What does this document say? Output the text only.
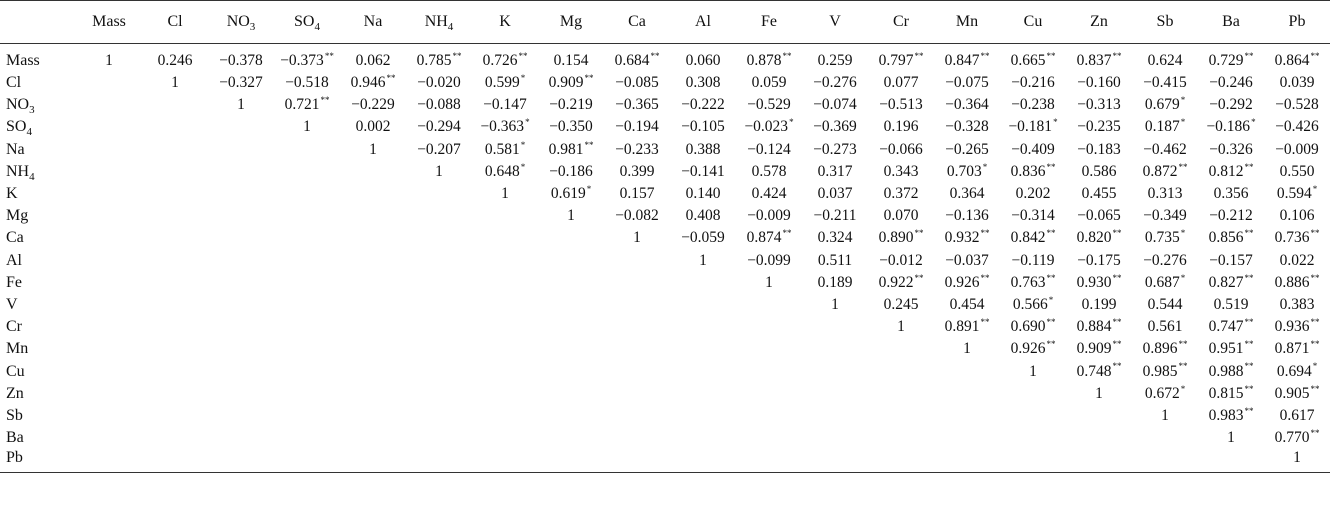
	Mass	Cl	$NO_3$	$SO_4$	Na	$NH_4$	K	Mg	Ca	Al	Fe	V	Cr	Mn	Cu	Zn	Sb	Ba	Pb
Mass	1	0.246	−0.378	−0.373**	0.062	0.785**	0.726**	0.154	0.684**	0.060	0.878**	0.259	0.797**	0.847**	0.665**	0.837**	0.624	0.729**	0.864**
Cl		1	−0.327	−0.518	0.946**	−0.020	0.599*	0.909**	−0.085	0.308	0.059	−0.276	0.077	−0.075	−0.216	−0.160	−0.415	−0.246	0.039
$NO_3$			1	0.721**	−0.229	−0.088	−0.147	−0.219	−0.365	−0.222	−0.529	−0.074	−0.513	−0.364	−0.238	−0.313	0.679*	−0.292	−0.528
$SO_4$				1	0.002	−0.294	−0.363*	−0.350	−0.194	−0.105	−0.023*	−0.369	0.196	−0.328	−0.181*	−0.235	0.187*	−0.186*	−0.426
Na					1	−0.207	0.581*	0.981**	−0.233	0.388	−0.124	−0.273	−0.066	−0.265	−0.409	−0.183	−0.462	−0.326	−0.009
$NH_4$						1	0.648*	−0.186	0.399	−0.141	0.578	0.317	0.343	0.703*	0.836**	0.586	0.872**	0.812**	0.550
K							1	0.619*	0.157	0.140	0.424	0.037	0.372	0.364	0.202	0.455	0.313	0.356	0.594*
Mg								1	−0.082	0.408	−0.009	−0.211	0.070	−0.136	−0.314	−0.065	−0.349	−0.212	0.106
Ca									1	−0.059	0.874**	0.324	0.890**	0.932**	0.842**	0.820**	0.735*	0.856**	0.736**
Al										1	−0.099	0.511	−0.012	−0.037	−0.119	−0.175	−0.276	−0.157	0.022
Fe											1	0.189	0.922**	0.926**	0.763**	0.930**	0.687*	0.827**	0.886**
V												1	0.245	0.454	0.566*	0.199	0.544	0.519	0.383
Cr													1	0.891**	0.690**	0.884**	0.561	0.747**	0.936**
Mn														1	0.926**	0.909**	0.896**	0.951**	0.871**
Cu															1	0.748**	0.985**	0.988**	0.694*
Zn																1	0.672*	0.815**	0.905**
Sb																	1	0.983**	0.617
Ba																		1	0.770**
Pb																			1
